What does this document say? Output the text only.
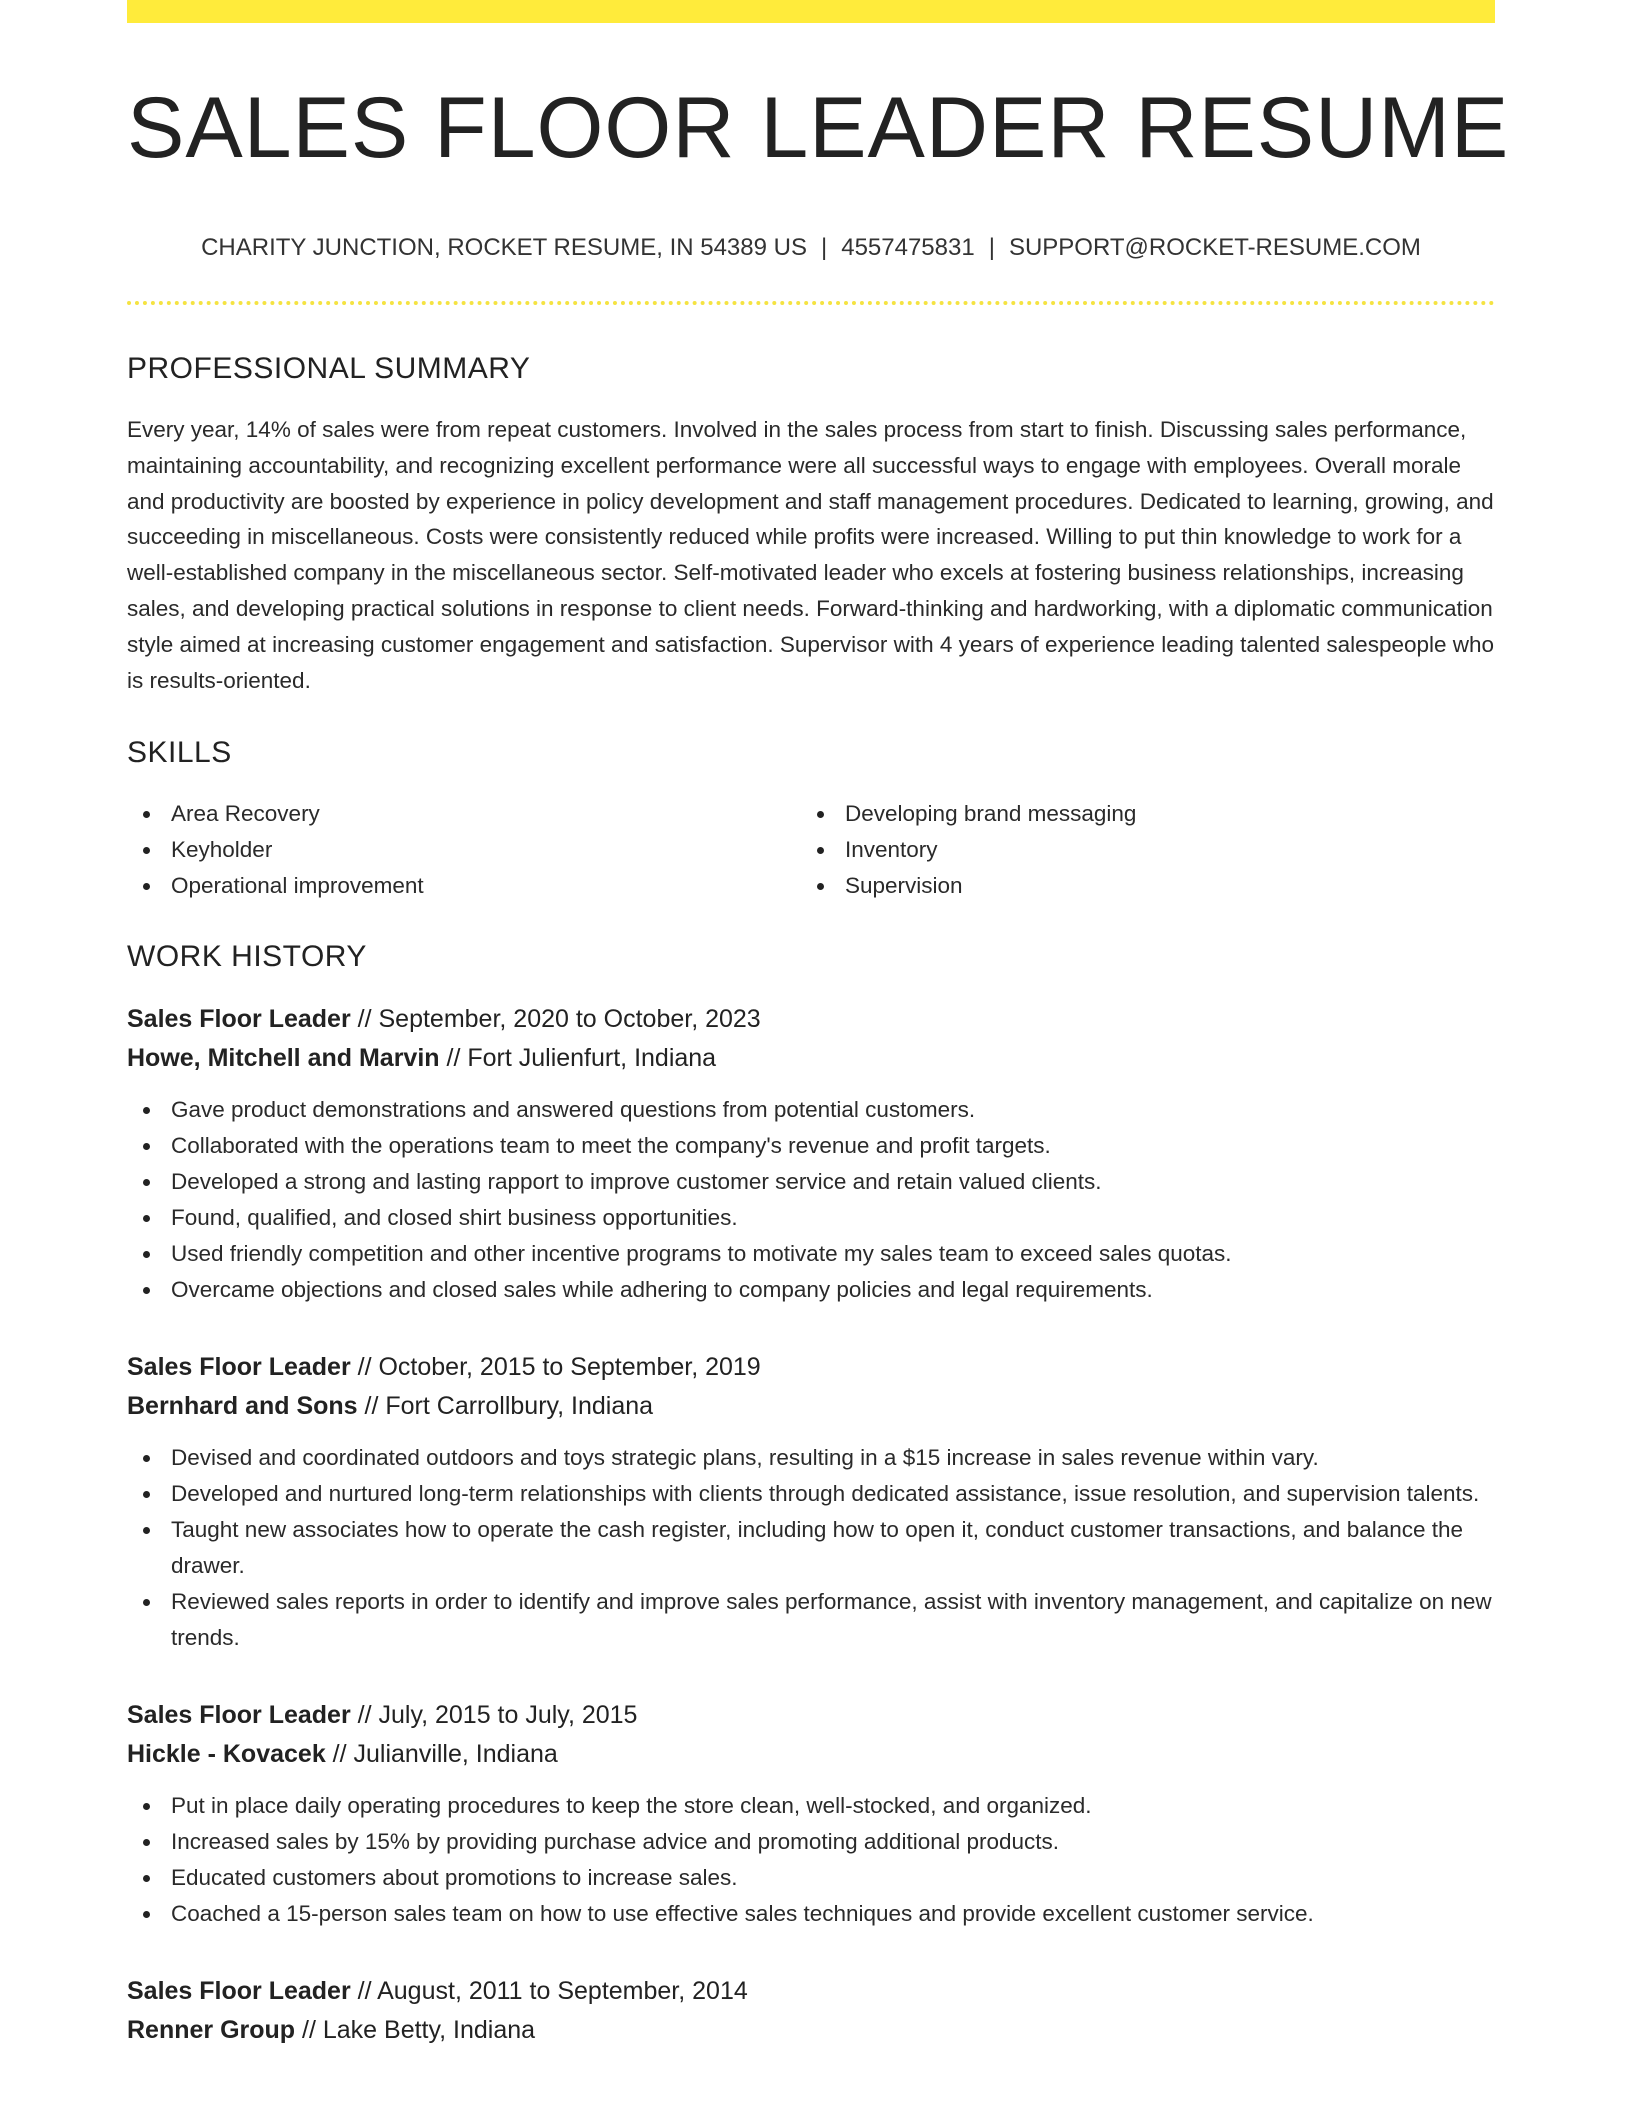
SALES FLOOR LEADER RESUME
CHARITY JUNCTION, ROCKET RESUME, IN 54389 US | 4557475831 | SUPPORT@ROCKET-RESUME.COM
PROFESSIONAL SUMMARY

Every year, 14% of sales were from repeat customers. Involved in the sales process from start to finish. Discussing sales performance, maintaining accountability, and recognizing excellent performance were all successful ways to engage with employees. Overall morale and productivity are boosted by experience in policy development and staff management procedures. Dedicated to learning, growing, and succeeding in miscellaneous. Costs were consistently reduced while profits were increased. Willing to put thin knowledge to work for a well-established company in the miscellaneous sector. Self-motivated leader who excels at fostering business relationships, increasing sales, and developing practical solutions in response to client needs. Forward-thinking and hardworking, with a diplomatic communication style aimed at increasing customer engagement and satisfaction. Supervisor with 4 years of experience leading talented salespeople who is results-oriented.

SKILLS
Area Recovery
Keyholder
Operational improvement
Developing brand messaging
Inventory
Supervision
WORK HISTORY
Sales Floor Leader // September, 2020 to October, 2023
Howe, Mitchell and Marvin // Fort Julienfurt, Indiana
Gave product demonstrations and answered questions from potential customers.
Collaborated with the operations team to meet the company's revenue and profit targets.
Developed a strong and lasting rapport to improve customer service and retain valued clients.
Found, qualified, and closed shirt business opportunities.
Used friendly competition and other incentive programs to motivate my sales team to exceed sales quotas.
Overcame objections and closed sales while adhering to company policies and legal requirements.
Sales Floor Leader // October, 2015 to September, 2019
Bernhard and Sons // Fort Carrollbury, Indiana
Devised and coordinated outdoors and toys strategic plans, resulting in a $15 increase in sales revenue within vary.
Developed and nurtured long-term relationships with clients through dedicated assistance, issue resolution, and supervision talents.
Taught new associates how to operate the cash register, including how to open it, conduct customer transactions, and balance the drawer.
Reviewed sales reports in order to identify and improve sales performance, assist with inventory management, and capitalize on new trends.
Sales Floor Leader // July, 2015 to July, 2015
Hickle - Kovacek // Julianville, Indiana
Put in place daily operating procedures to keep the store clean, well-stocked, and organized.
Increased sales by 15% by providing purchase advice and promoting additional products.
Educated customers about promotions to increase sales.
Coached a 15-person sales team on how to use effective sales techniques and provide excellent customer service.
Sales Floor Leader // August, 2011 to September, 2014
Renner Group // Lake Betty, Indiana
